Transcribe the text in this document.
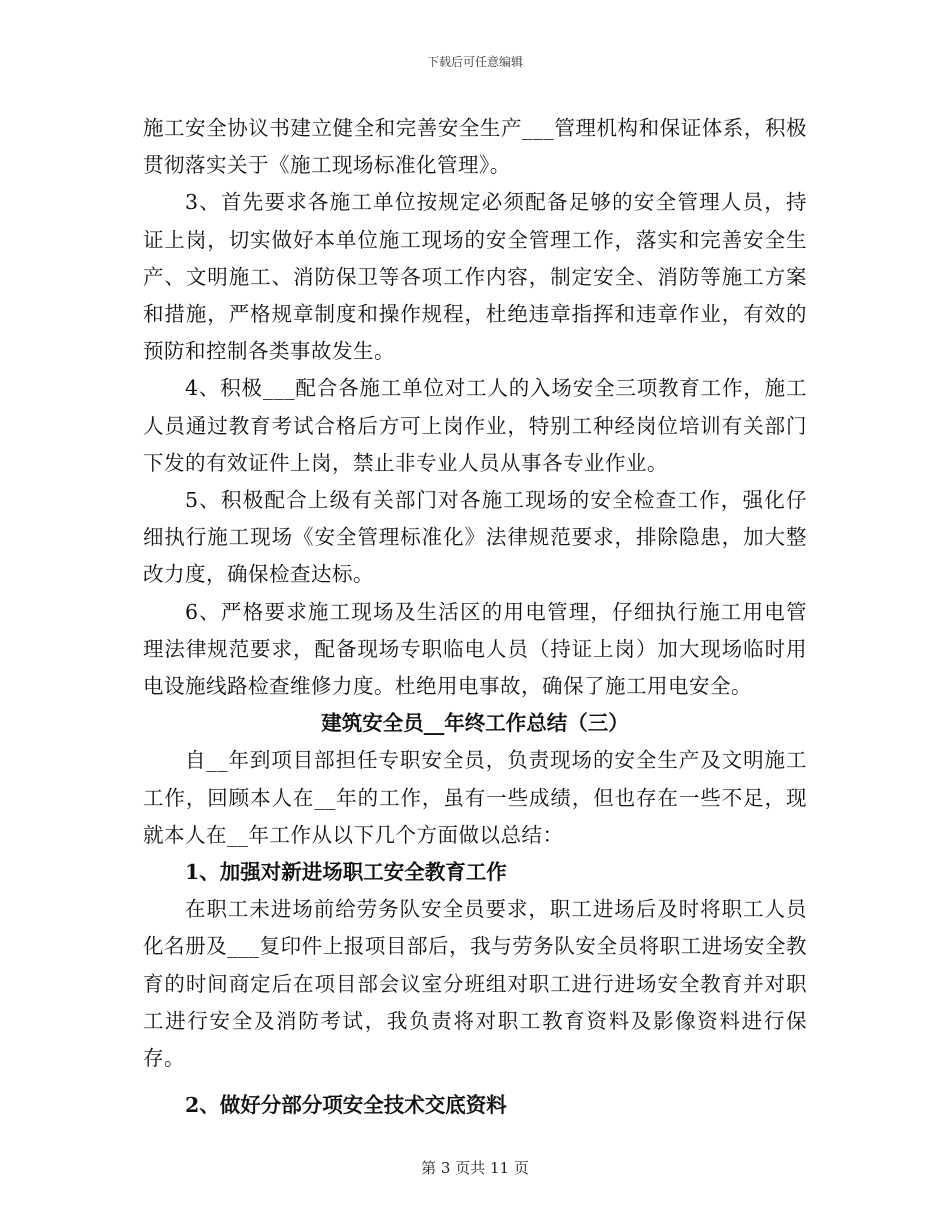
下载后可任意编辑

施工安全协议书建立健全和完善安全生产___管理机构和保证体系，积极贯彻落实关于《施工现场标准化管理》。

3、首先要求各施工单位按规定必须配备足够的安全管理人员，持证上岗，切实做好本单位施工现场的安全管理工作，落实和完善安全生产、文明施工、消防保卫等各项工作内容，制定安全、消防等施工方案和措施，严格规章制度和操作规程，杜绝违章指挥和违章作业，有效的预防和控制各类事故发生。

4、积极___配合各施工单位对工人的入场安全三项教育工作，施工人员通过教育考试合格后方可上岗作业，特别工种经岗位培训有关部门下发的有效证件上岗，禁止非专业人员从事各专业作业。

5、积极配合上级有关部门对各施工现场的安全检查工作，强化仔细执行施工现场《安全管理标准化》法律规范要求，排除隐患，加大整改力度，确保检查达标。

6、严格要求施工现场及生活区的用电管理，仔细执行施工用电管理法律规范要求，配备现场专职临电人员（持证上岗）加大现场临时用电设施线路检查维修力度。杜绝用电事故，确保了施工用电安全。

建筑安全员__年终工作总结（三）

自__年到项目部担任专职安全员，负责现场的安全生产及文明施工工作，回顾本人在__年的工作，虽有一些成绩，但也存在一些不足，现就本人在__年工作从以下几个方面做以总结：

1、加强对新进场职工安全教育工作

在职工未进场前给劳务队安全员要求，职工进场后及时将职工人员化名册及___复印件上报项目部后，我与劳务队安全员将职工进场安全教育的时间商定后在项目部会议室分班组对职工进行进场安全教育并对职工进行安全及消防考试，我负责将对职工教育资料及影像资料进行保存。

2、做好分部分项安全技术交底资料

第 3 页共 11 页
